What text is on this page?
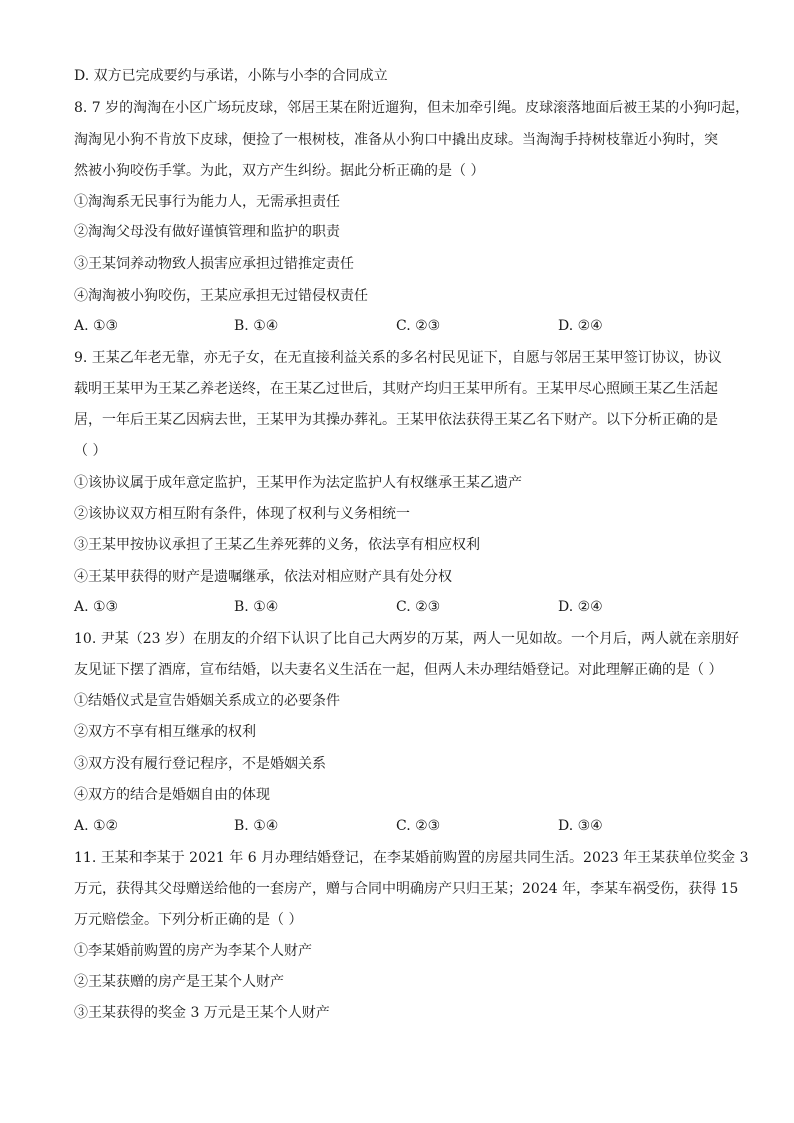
D. 双方已完成要约与承诺，小陈与小李的合同成立
8. 7 岁的淘淘在小区广场玩皮球，邻居王某在附近遛狗，但未加牵引绳。皮球滚落地面后被王某的小狗叼起，
淘淘见小狗不肯放下皮球，便捡了一根树枝，准备从小狗口中撬出皮球。当淘淘手持树枝靠近小狗时，突
然被小狗咬伤手掌。为此，双方产生纠纷。据此分析正确的是（ ）
①淘淘系无民事行为能力人，无需承担责任
②淘淘父母没有做好谨慎管理和监护的职责
③王某饲养动物致人损害应承担过错推定责任
④淘淘被小狗咬伤，王某应承担无过错侵权责任
A. ①③	B. ①④	C. ②③	D. ②④
9. 王某乙年老无靠，亦无子女，在无直接利益关系的多名村民见证下，自愿与邻居王某甲签订协议，协议
载明王某甲为王某乙养老送终，在王某乙过世后，其财产均归王某甲所有。王某甲尽心照顾王某乙生活起
居，一年后王某乙因病去世，王某甲为其操办葬礼。王某甲依法获得王某乙名下财产。以下分析正确的是
（ ）
①该协议属于成年意定监护，王某甲作为法定监护人有权继承王某乙遗产
②该协议双方相互附有条件，体现了权利与义务相统一
③王某甲按协议承担了王某乙生养死葬的义务，依法享有相应权利
④王某甲获得的财产是遗嘱继承，依法对相应财产具有处分权
A. ①③	B. ①④	C. ②③	D. ②④
10. 尹某（23 岁）在朋友的介绍下认识了比自己大两岁的万某，两人一见如故。一个月后，两人就在亲朋好
友见证下摆了酒席，宣布结婚，以夫妻名义生活在一起，但两人未办理结婚登记。对此理解正确的是（ ）
①结婚仪式是宣告婚姻关系成立的必要条件
②双方不享有相互继承的权利
③双方没有履行登记程序，不是婚姻关系
④双方的结合是婚姻自由的体现
A. ①②	B. ①④	C. ②③	D. ③④
11. 王某和李某于 2021 年 6 月办理结婚登记，在李某婚前购置的房屋共同生活。2023 年王某获单位奖金 3
万元，获得其父母赠送给他的一套房产，赠与合同中明确房产只归王某；2024 年，李某车祸受伤，获得 15
万元赔偿金。下列分析正确的是（ ）
①李某婚前购置的房产为李某个人财产
②王某获赠的房产是王某个人财产
③王某获得的奖金 3 万元是王某个人财产
